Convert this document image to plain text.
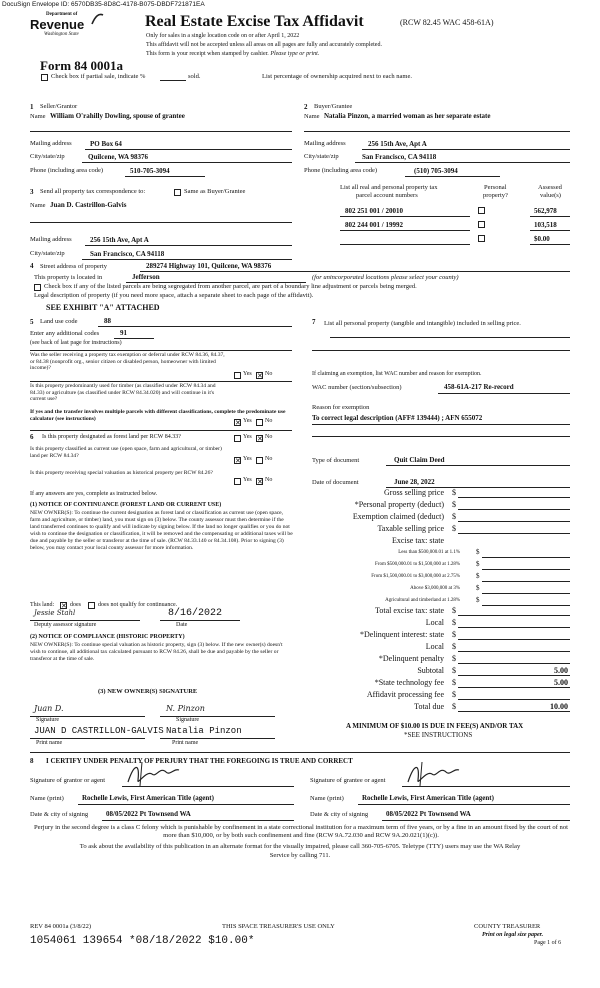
DocuSign Envelope ID: 6570DB35-8D8C-4178-B075-DBDF721871EA
Department of
Revenue
Washington State
Real Estate Excise Tax Affidavit	(RCW 82.45 WAC 458-61A)
Only for sales in a single location code on or after April 1, 2022
This affidavit will not be accepted unless all areas on all pages are fully and accurately completed.
This form is your receipt when stamped by cashier. Please type or print.
Form 84 0001a
Check box if partial sale, indicate %	sold.	List percentage of ownership acquired next to each name.
1 Seller/Grantor
Name William O'rahilly Dowling, spouse of grantee
Mailing address	PO Box 64
City/state/zip	Quilcene, WA 98376
Phone (including area code)	510-705-3094
2 Buyer/Grantee
Name Natalia Pinzon, a married woman as her separate estate
Mailing address	256 15th Ave, Apt A
City/state/zip	San Francisco, CA 94118
Phone (including area code)	(510) 705-3094
3 Send all property tax correspondence to:	Same as Buyer/Grantee
Name Juan D. Castrillon-Galvis
Mailing address	256 15th Ave, Apt A
City/state/zip	San Francisco, CA 94118
List all real and personal property tax
parcel account numbers
Personal
property?
Assessed
value(s)
802 251 001 / 20010	562,978
802 244 001 / 19992	103,518
$0.00
4 Street address of property	289274 Highway 101, Quilcene, WA 98376
This property is located in	Jefferson	(for unincorporated locations please select your county)
Check box if any of the listed parcels are being segregated from another parcel, are part of a boundary line adjustment or parcels being merged.
Legal description of property (if you need more space, attach a separate sheet to each page of the affidavit).
SEE EXHIBIT "A" ATTACHED
5 Land use code	88
Enter any additional codes	91
(see back of last page for instructions)
Was the seller receiving a property tax exemption or deferral under RCW 84.36, 84.37, or 84.38 (nonprofit org., senior citizen or disabled person, homeowner with limited income)?
Yes ✕ No
Is this property predominantly used for timber (as classified under RCW 84.34 and 84.33) or agriculture (as classified under RCW 84.34.020) and will continue in it's current use?
If yes and the transfer involves multiple parcels with different classifications, complete the predominate use calculator (see instructions)
✕ Yes No
6 Is this property designated as forest land per RCW 84.33?	Yes ✕ No
Is this property classified as current use (open space, farm and agricultural, or timber) land per RCW 84.34?
✕ Yes No
Is this property receiving special valuation as historical property per RCW 84.26?
Yes ✕ No
If any answers are yes, complete as instructed below.
(1) NOTICE OF CONTINUANCE (FOREST LAND OR CURRENT USE)
NEW OWNER(S): To continue the current designation as forest land or classification as current use (open space, farm and agriculture, or timber) land, you must sign on (3) below. The county assessor must then determine if the land transferred continues to qualify and will indicate by signing below. If the land no longer qualifies or you do not wish to continue the designation or classification, it will be removed and the compensating or additional taxes will be due and payable by the seller or transferor at the time of sale. (RCW 84.33.140 or 84.34.108). Prior to signing (3) below, you may contact your local county assessor for more information.
This land: ✕ does	does not qualify for continuance.
Jessie Stahl	8/16/2022
Deputy assessor signature	Date
(2) NOTICE OF COMPLIANCE (HISTORIC PROPERTY)
NEW OWNER(S): To continue special valuation as historic property, sign (3) below. If the new owner(s) doesn't wish to continue, all additional tax calculated pursuant to RCW 84.26, shall be due and payable by the seller or transferor at the time of sale.
(3) NEW OWNER(S) SIGNATURE
Juan D.	N. Pinzon
Signature	Signature
JUAN D CASTRILLON-GALVIS Natalia Pinzon
Print name	Print name
7 List all personal property (tangible and intangible) included in selling price.
If claiming an exemption, list WAC number and reason for exemption.
WAC number (section/subsection)	458-61A-217 Re-record
Reason for exemption
To correct legal description (AFF# 139444) ; AFN 655072
Type of document	Quit Claim Deed
Date of document	June 28, 2022
Gross selling price $
*Personal property (deduct) $
Exemption claimed (deduct) $
Taxable selling price $
Excise tax: state
Less than $500,000.01 at 1.1% $
From $500,000.01 to $1,500,000 at 1.28% $
From $1,500,000.01 to $3,000,000 at 2.75% $
Above $3,000,000 at 3% $
Agricultural and timberland at 1.28% $
Total excise tax: state $
Local $
*Delinquent interest: state $
Local $
*Delinquent penalty $
Subtotal $	5.00
*State technology fee $	5.00
Affidavit processing fee $
Total due $	10.00
A MINIMUM OF $10.00 IS DUE IN FEE(S) AND/OR TAX
*SEE INSTRUCTIONS
8 I CERTIFY UNDER PENALTY OF PERJURY THAT THE FOREGOING IS TRUE AND CORRECT
Signature of grantor or agent	Signature of grantee or agent
Name (print)	Rochelle Lewis, First American Title (agent)	Name (print)	Rochelle Lewis, First American Title (agent)
Date & city of signing	08/05/2022 Pt Townsend WA	Date & city of signing	08/05/2022 Pt Townsend WA
Perjury in the second degree is a class C felony which is punishable by confinement in a state correctional institution for a maximum term of five years, or by a fine in an amount fixed by the court of not more than $10,000, or by both such confinement and fine (RCW 9A.72.030 and RCW 9A.20.021(1)(c)).
To ask about the availability of this publication in an alternate format for the visually impaired, please call 360-705-6705. Teletype (TTY) users may use the WA Relay Service by calling 711.
REV 84 0001a (3/8/22)	THIS SPACE TREASURER'S USE ONLY	COUNTY TREASURER
Print on legal size paper.
Page 1 of 6
1054061 139654 *08/18/2022 $10.00*
